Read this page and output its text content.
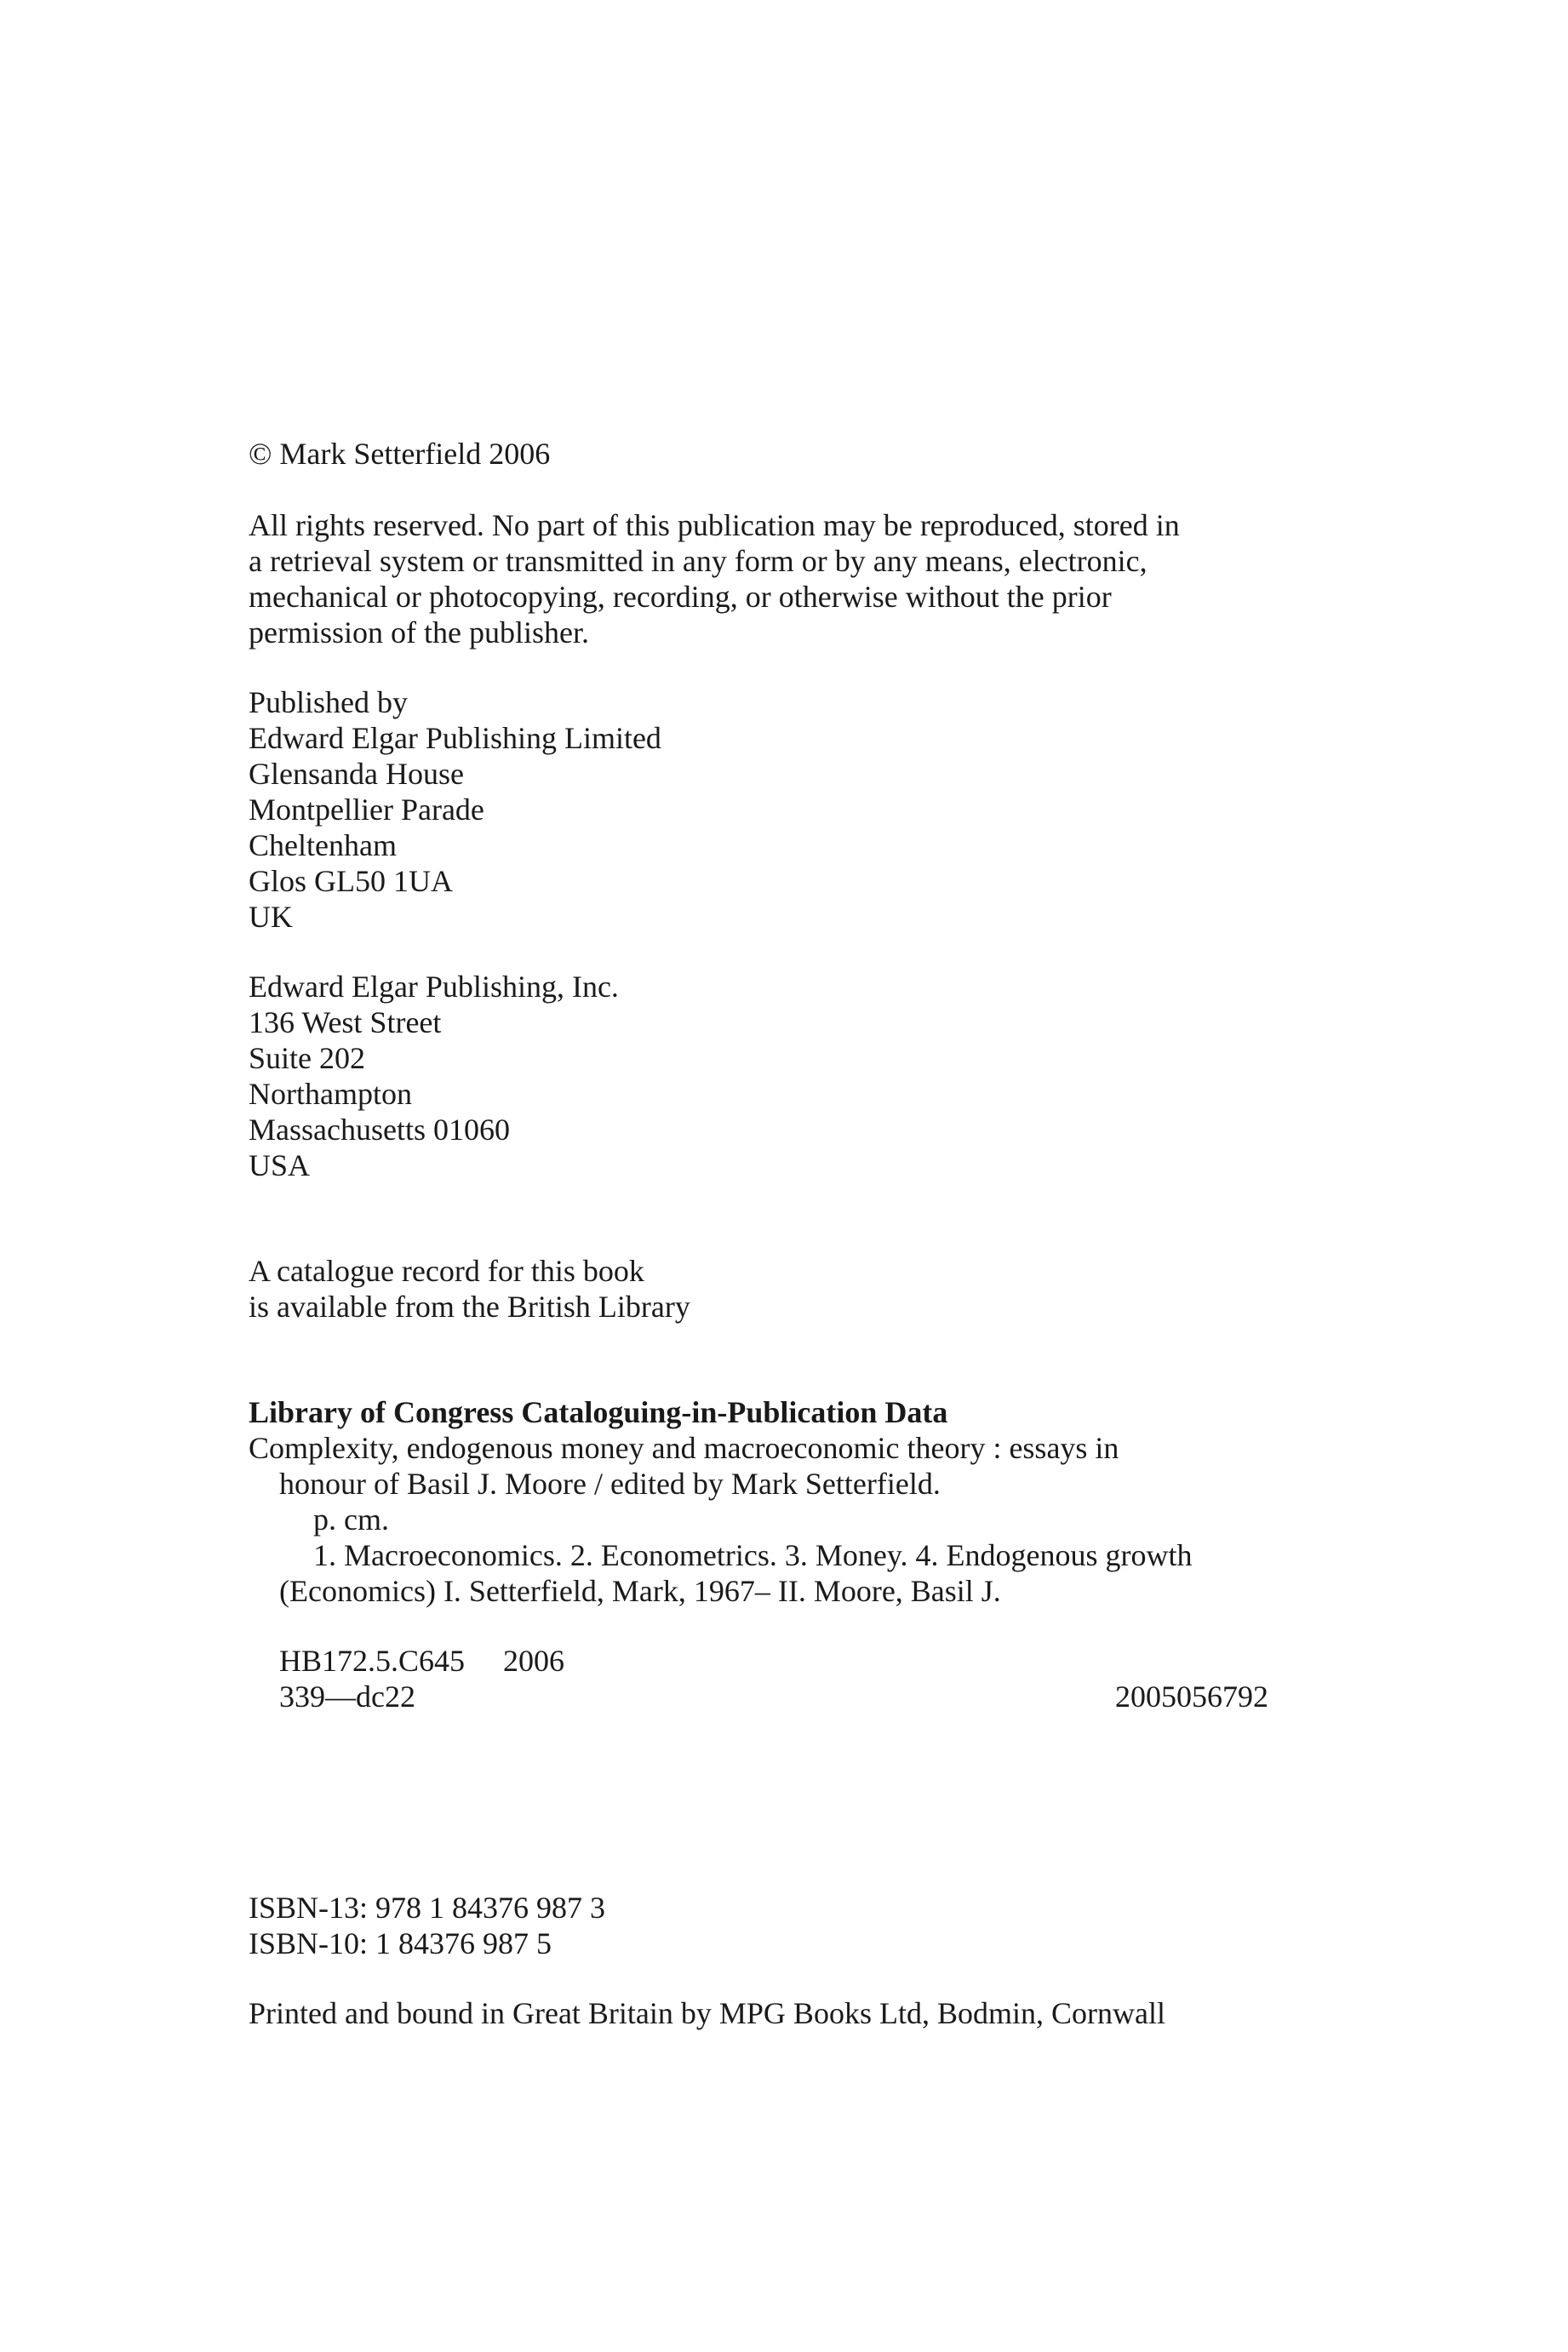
© Mark Setterfield 2006
All rights reserved. No part of this publication may be reproduced, stored in
a retrieval system or transmitted in any form or by any means, electronic,
mechanical or photocopying, recording, or otherwise without the prior
permission of the publisher.
Published by
Edward Elgar Publishing Limited
Glensanda House
Montpellier Parade
Cheltenham
Glos GL50 1UA
UK
Edward Elgar Publishing, Inc.
136 West Street
Suite 202
Northampton
Massachusetts 01060
USA
A catalogue record for this book
is available from the British Library
Library of Congress Cataloguing-in-Publication Data
Complexity, endogenous money and macroeconomic theory : essays in
honour of Basil J. Moore / edited by Mark Setterfield.
p. cm.
1. Macroeconomics. 2. Econometrics. 3. Money. 4. Endogenous growth
(Economics) I. Setterfield, Mark, 1967– II. Moore, Basil J.
HB172.5.C645     2006
339—dc22	2005056792
ISBN-13: 978 1 84376 987 3
ISBN-10: 1 84376 987 5
Printed and bound in Great Britain by MPG Books Ltd, Bodmin, Cornwall
